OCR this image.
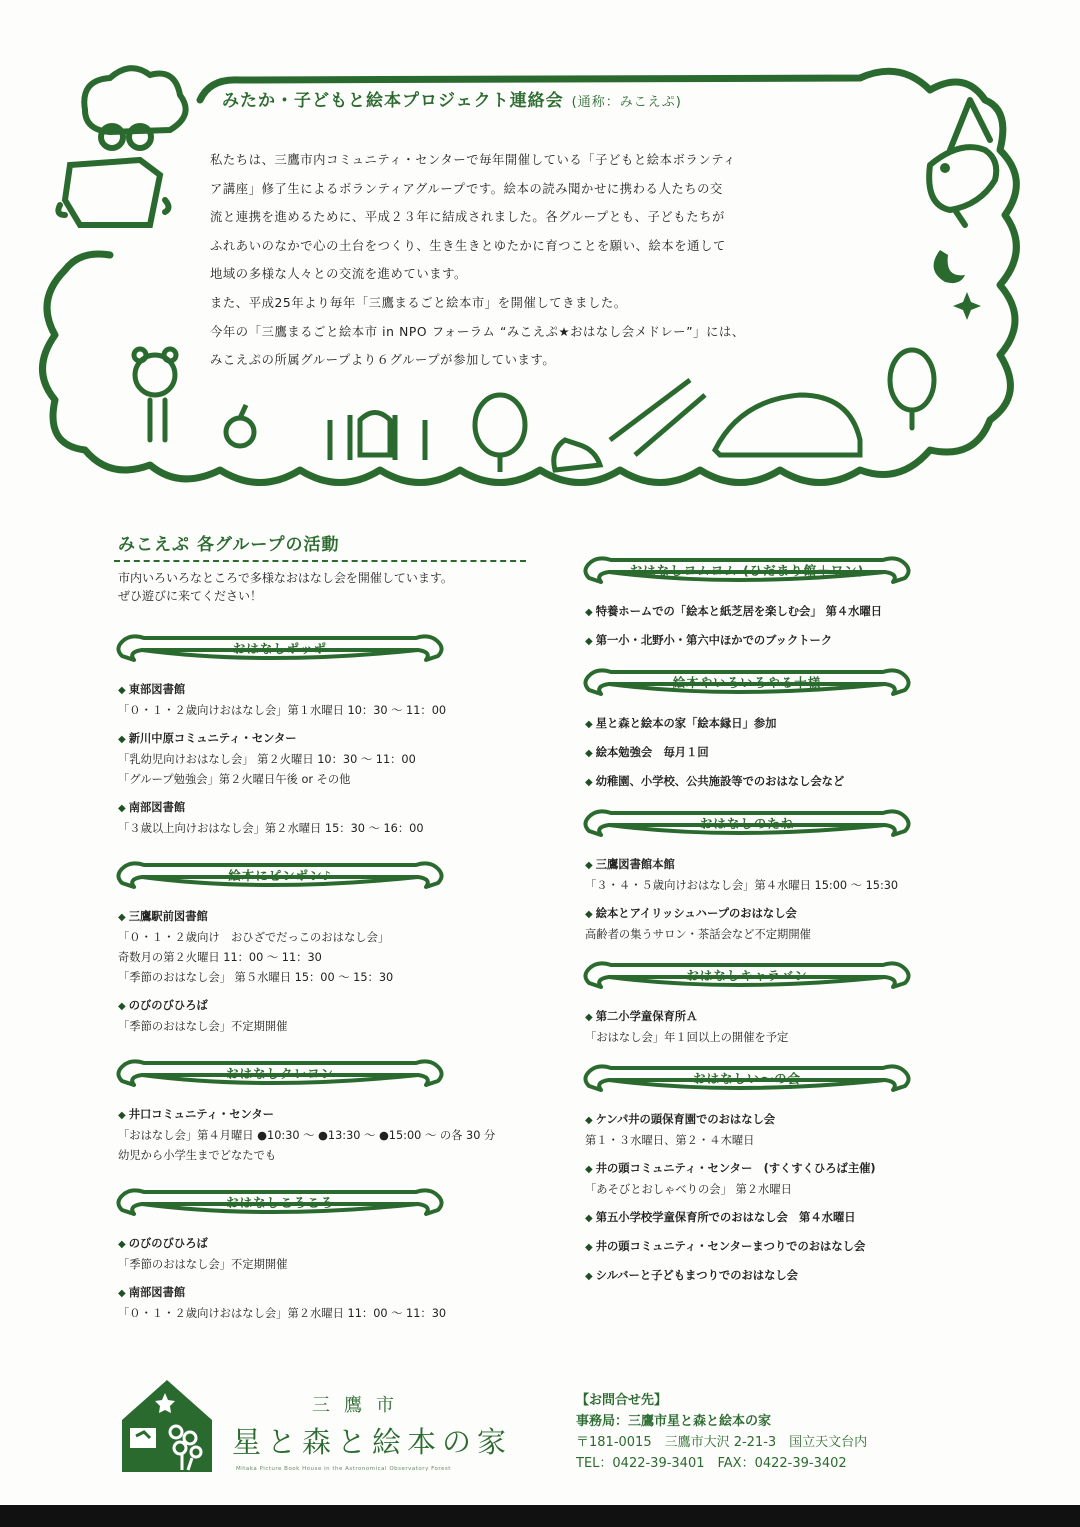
みたか・子どもと絵本プロジェクト連絡会 (通称：みこえぷ)

私たちは、三鷹市内コミュニティ・センターで毎年開催している「子どもと絵本ボランティ

ア講座」修了生によるボランティアグループです。絵本の読み聞かせに携わる人たちの交

流と連携を進めるために、平成２３年に結成されました。各グループとも、子どもたちが

ふれあいのなかで心の土台をつくり、生き生きとゆたかに育つことを願い、絵本を通して

地域の多様な人々との交流を進めています。

また、平成25年より毎年「三鷹まるごと絵本市」を開催してきました。

今年の「三鷹まるごと絵本市 in NPO フォーラム “みこえぷ★おはなし会メドレー”」には、

みこえぷの所属グループより６グループが参加しています。

みこえぷ 各グループの活動
市内いろいろなところで多様なおはなし会を開催しています。
ぜひ遊びに来てください！
おはなしポッポ
◆ 東部図書館
「０・１・２歳向けおはなし会」第１水曜日 10：30 〜 11：00
◆ 新川中原コミュニティ・センター
「乳幼児向けおはなし会」 第２火曜日 10：30 〜 11：00
「グループ勉強会」第２火曜日午後 or その他
◆ 南部図書館
「３歳以上向けおはなし会」第２水曜日 15：30 〜 16：00
絵本にピンポン♪
◆ 三鷹駅前図書館
「０・１・２歳向け　おひざでだっこのおはなし会」
奇数月の第２火曜日 11：00 〜 11：30
「季節のおはなし会」 第５水曜日 15：00 〜 15：30
◆ のびのびひろば
「季節のおはなし会」不定期開催
おはなしクレヨン
◆ 井口コミュニティ・センター
「おはなし会」第４月曜日 ●10:30 〜 ●13:30 〜 ●15:00 〜 の各 30 分
幼児から小学生までどなたでも
おはなしころころ
◆ のびのびひろば
「季節のおはなし会」不定期開催
◆ 南部図書館
「０・１・２歳向けおはなし会」第２水曜日 11：00 〜 11：30
おはなしヨムヨム (ひだまり館＋ワン)
◆ 特養ホームでの「絵本と紙芝居を楽しむ会」 第４水曜日
◆ 第一小・北野小・第六中ほかでのブックトーク
絵本やいろいろやる十様
◆ 星と森と絵本の家「絵本縁日」参加
◆ 絵本勉強会　毎月１回
◆ 幼稚園、小学校、公共施設等でのおはなし会など
おはなしのたね
◆ 三鷹図書館本館
「３・４・５歳向けおはなし会」第４水曜日 15:00 〜 15:30
◆ 絵本とアイリッシュハープのおはなし会
高齢者の集うサロン・茶話会など不定期開催
おはなしキャラバン
◆ 第二小学童保育所Ａ
「おはなし会」年１回以上の開催を予定
おはなしい〜の会
◆ ケンパ井の頭保育園でのおはなし会
第１・３水曜日、第２・４木曜日
◆ 井の頭コミュニティ・センター　(すくすくひろば主催)
「あそびとおしゃべりの会」 第２水曜日
◆ 第五小学校学童保育所でのおはなし会　第４水曜日
◆ 井の頭コミュニティ・センターまつりでのおはなし会
◆ シルバーと子どもまつりでのおはなし会
三鷹市
星と森と絵本の家
Mitaka Picture Book House in the Astronomical Observatory Forest
【お問合せ先】
事務局：三鷹市星と森と絵本の家
〒181-0015　三鷹市大沢 2-21-3　国立天文台内
TEL：0422-39-3401　FAX：0422-39-3402
